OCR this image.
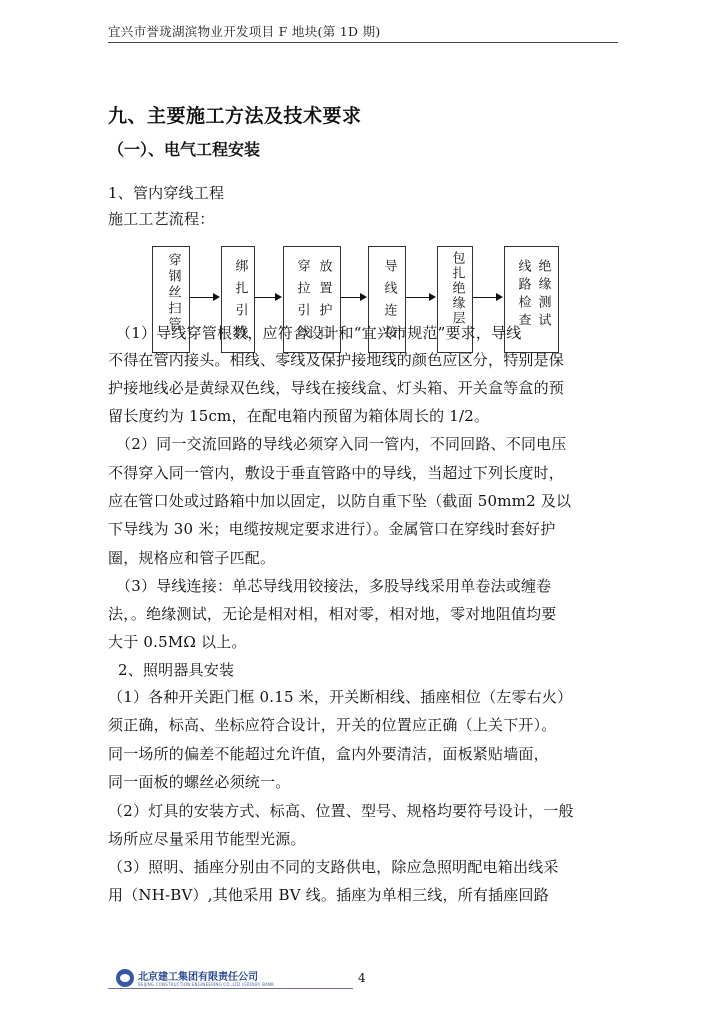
宜兴市誉珑湖滨物业开发项目 F 地块(第 1D 期)
九、主要施工方法及技术要求
（一）、电气工程安装
1、管内穿线工程
施工工艺流程：
穿钢丝扫管	绑扎引线	放置护口
穿拉引线	导线连接	包扎绝缘层	绝缘测试
线路检查
（1）导线穿管根数，应符合设计和“宜兴市规范”要求，导线
不得在管内接头。相线、零线及保护接地线的颜色应区分，特别是保
护接地线必是黄绿双色线，导线在接线盒、灯头箱、开关盒等盒的预
留长度约为 15cm，在配电箱内预留为箱体周长的 1/2。
（2）同一交流回路的导线必须穿入同一管内，不同回路、不同电压
不得穿入同一管内，敷设于垂直管路中的导线，当超过下列长度时，
应在管口处或过路箱中加以固定，以防自重下坠（截面 50mm2 及以
下导线为 30 米；电缆按规定要求进行）。金属管口在穿线时套好护
圈，规格应和管子匹配。
（3）导线连接：单芯导线用铰接法，多股导线采用单卷法或缠卷
法，。绝缘测试，无论是相对相，相对零，相对地，零对地阻值均要
大于 0.5MΩ 以上。
2、照明器具安装
（1）各种开关距门框 0.15 米，开关断相线、插座相位（左零右火）
须正确，标高、坐标应符合设计，开关的位置应正确（上关下开）。
同一场所的偏差不能超过允许值，盒内外要清洁，面板紧贴墙面，
同一面板的螺丝必须统一。
（2）灯具的安装方式、标高、位置、型号、规格均要符号设计，一般
场所应尽量采用节能型光源。
（3）照明、插座分别由不同的支路供电，除应急照明配电箱出线采
用（NH-BV）,其他采用 BV 线。插座为单相三线，所有插座回路
北京建工集团有限责任公司
BEIJING CONSTRUCTION ENGINEERING CO.,LTD.(GROUP) BANK	4
